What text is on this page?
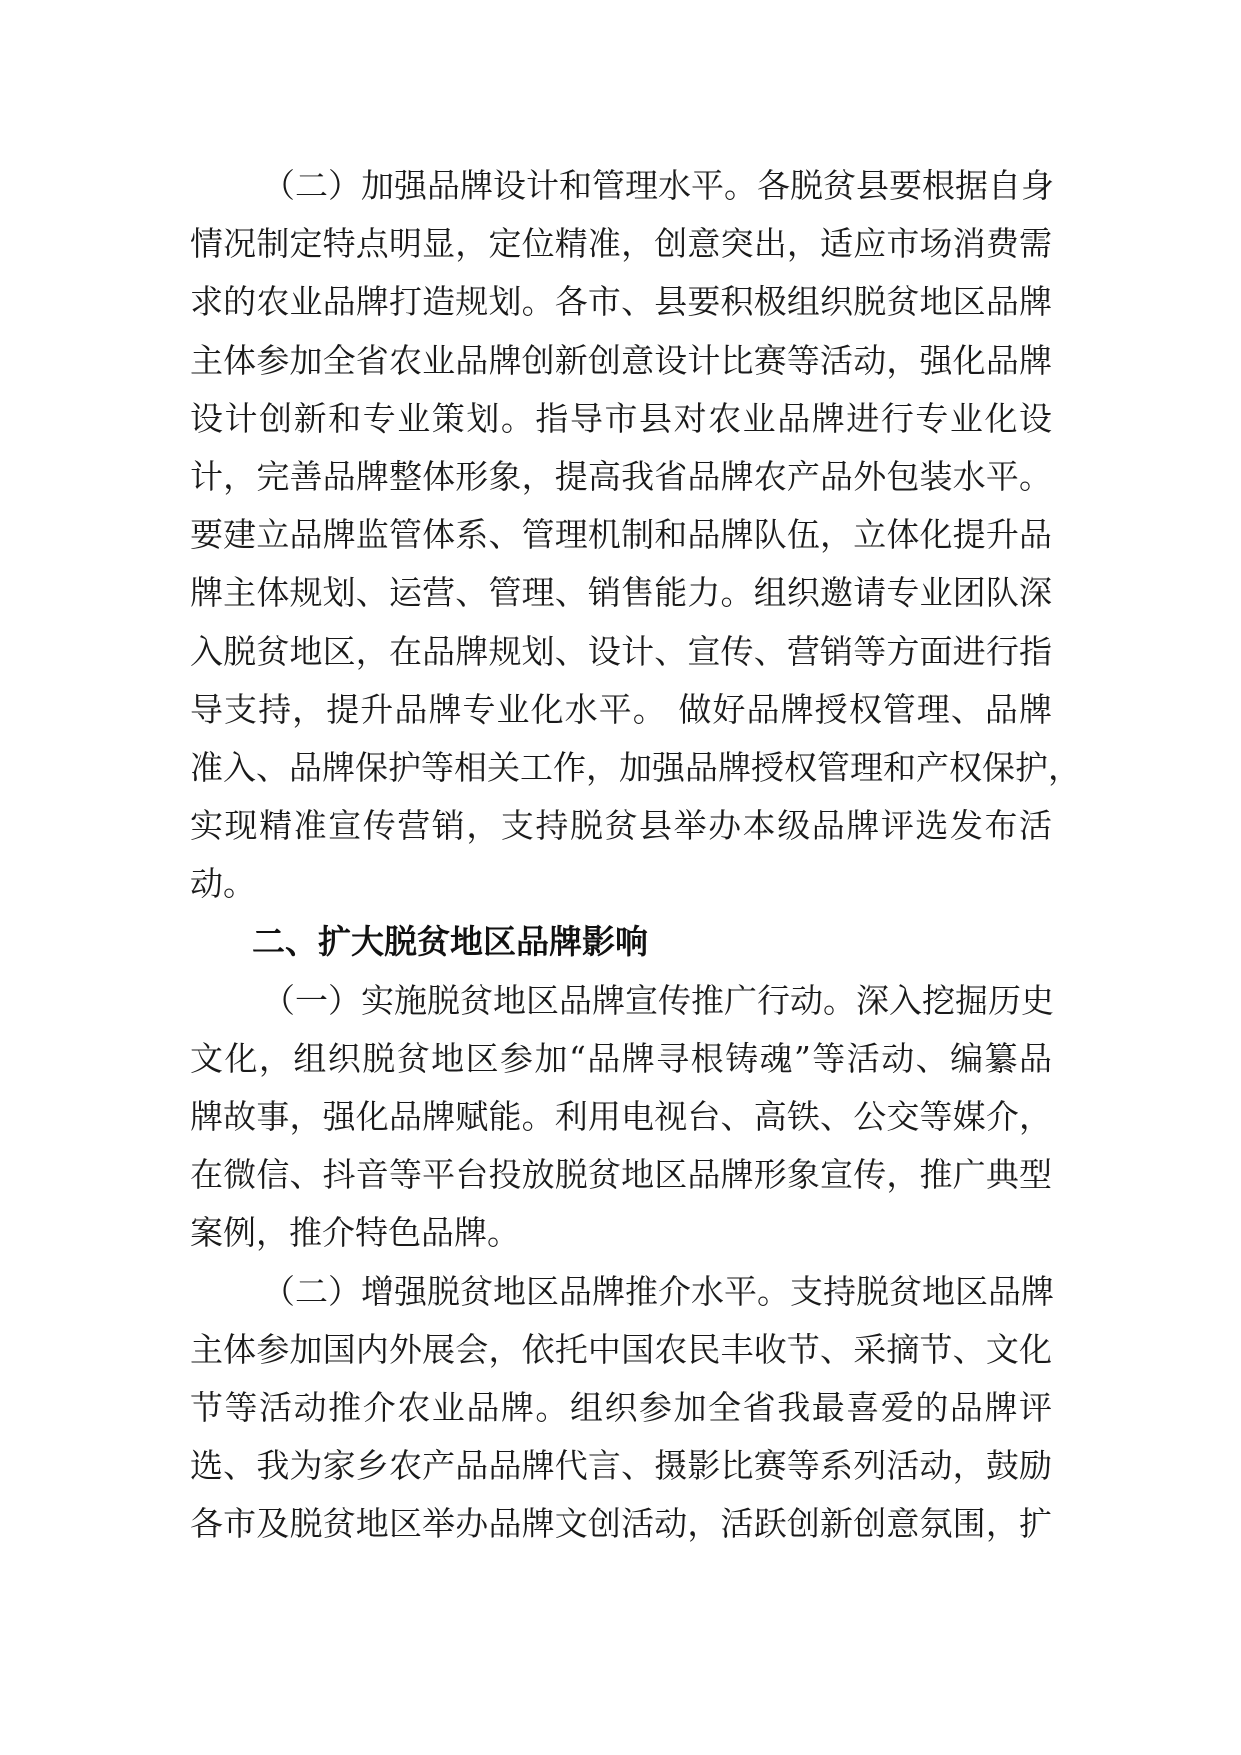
（二）加强品牌设计和管理水平。各脱贫县要根据自身
情况制定特点明显，定位精准，创意突出，适应市场消费需
求的农业品牌打造规划。各市、县要积极组织脱贫地区品牌
主体参加全省农业品牌创新创意设计比赛等活动，强化品牌
设计创新和专业策划。指导市县对农业品牌进行专业化设
计，完善品牌整体形象，提高我省品牌农产品外包装水平。
要建立品牌监管体系、管理机制和品牌队伍，立体化提升品
牌主体规划、运营、管理、销售能力。组织邀请专业团队深
入脱贫地区，在品牌规划、设计、宣传、营销等方面进行指
导支持，提升品牌专业化水平。 做好品牌授权管理、品牌
准入、品牌保护等相关工作，加强品牌授权管理和产权保护，
实现精准宣传营销，支持脱贫县举办本级品牌评选发布活
动。
二、扩大脱贫地区品牌影响
（一）实施脱贫地区品牌宣传推广行动。深入挖掘历史
文化，组织脱贫地区参加“品牌寻根铸魂”等活动、编纂品
牌故事，强化品牌赋能。利用电视台、高铁、公交等媒介，
在微信、抖音等平台投放脱贫地区品牌形象宣传，推广典型
案例，推介特色品牌。
（二）增强脱贫地区品牌推介水平。支持脱贫地区品牌
主体参加国内外展会，依托中国农民丰收节、采摘节、文化
节等活动推介农业品牌。组织参加全省我最喜爱的品牌评
选、我为家乡农产品品牌代言、摄影比赛等系列活动，鼓励
各市及脱贫地区举办品牌文创活动，活跃创新创意氛围，扩
